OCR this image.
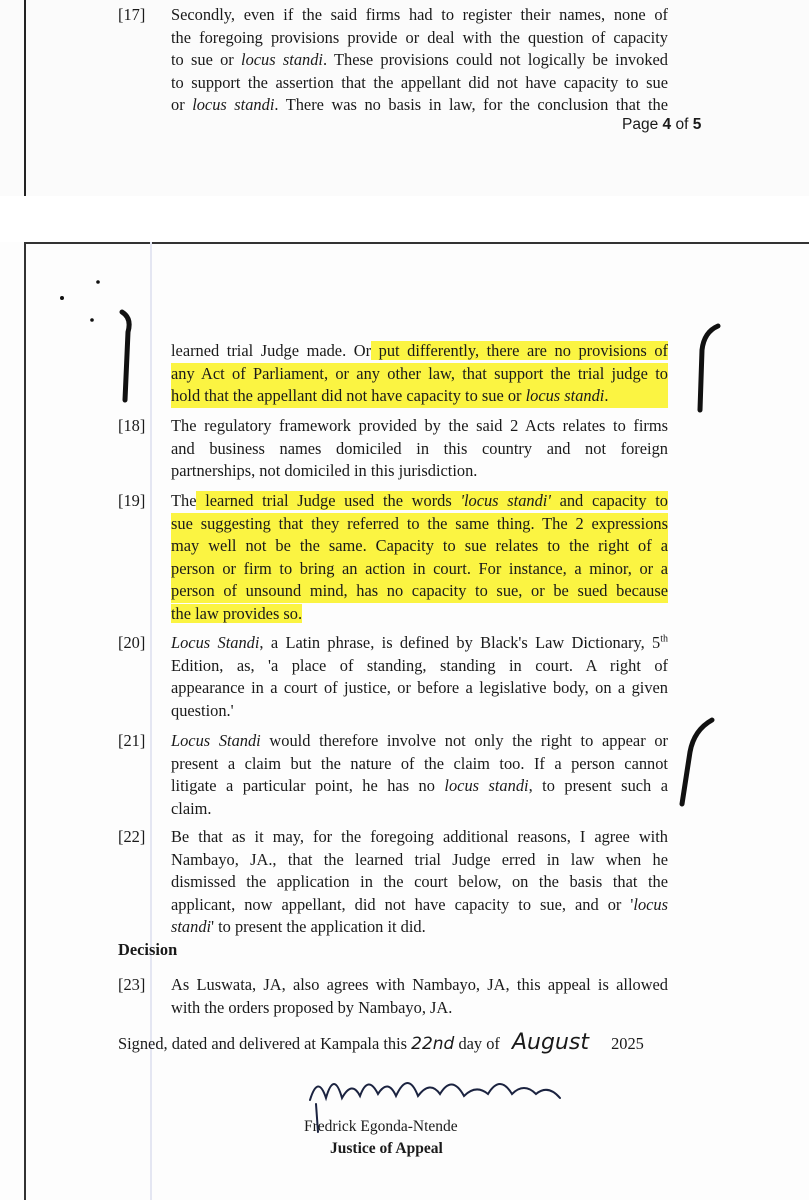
[17] Secondly, even if the said firms had to register their names, none of
the foregoing provisions provide or deal with the question of capacity
to sue or locus standi. These provisions could not logically be invoked
to support the assertion that the appellant did not have capacity to sue
or locus standi. There was no basis in law, for the conclusion that the
Page 4 of 5
learned trial Judge made. Or put differently, there are no provisions of
any Act of Parliament, or any other law, that support the trial judge to
hold that the appellant did not have capacity to sue or locus standi.
[18] The regulatory framework provided by the said 2 Acts relates to firms
and business names domiciled in this country and not foreign
partnerships, not domiciled in this jurisdiction.
[19] The learned trial Judge used the words 'locus standi' and capacity to
sue suggesting that they referred to the same thing. The 2 expressions
may well not be the same. Capacity to sue relates to the right of a
person or firm to bring an action in court. For instance, a minor, or a
person of unsound mind, has no capacity to sue, or be sued because
the law provides so.
[20] Locus Standi, a Latin phrase, is defined by Black's Law Dictionary, 5th
Edition, as, 'a place of standing, standing in court. A right of
appearance in a court of justice, or before a legislative body, on a given
question.'
[21] Locus Standi would therefore involve not only the right to appear or
present a claim but the nature of the claim too. If a person cannot
litigate a particular point, he has no locus standi, to present such a
claim.
[22] Be that as it may, for the foregoing additional reasons, I agree with
Nambayo, JA., that the learned trial Judge erred in law when he
dismissed the application in the court below, on the basis that the
applicant, now appellant, did not have capacity to sue, and or 'locus
standi' to present the application it did.
Decision
[23] As Luswata, JA, also agrees with Nambayo, JA, this appeal is allowed
with the orders proposed by Nambayo, JA.
Signed, dated and delivered at Kampala this 22nd day of August 2025
Fredrick Egonda-Ntende
Justice of Appeal
